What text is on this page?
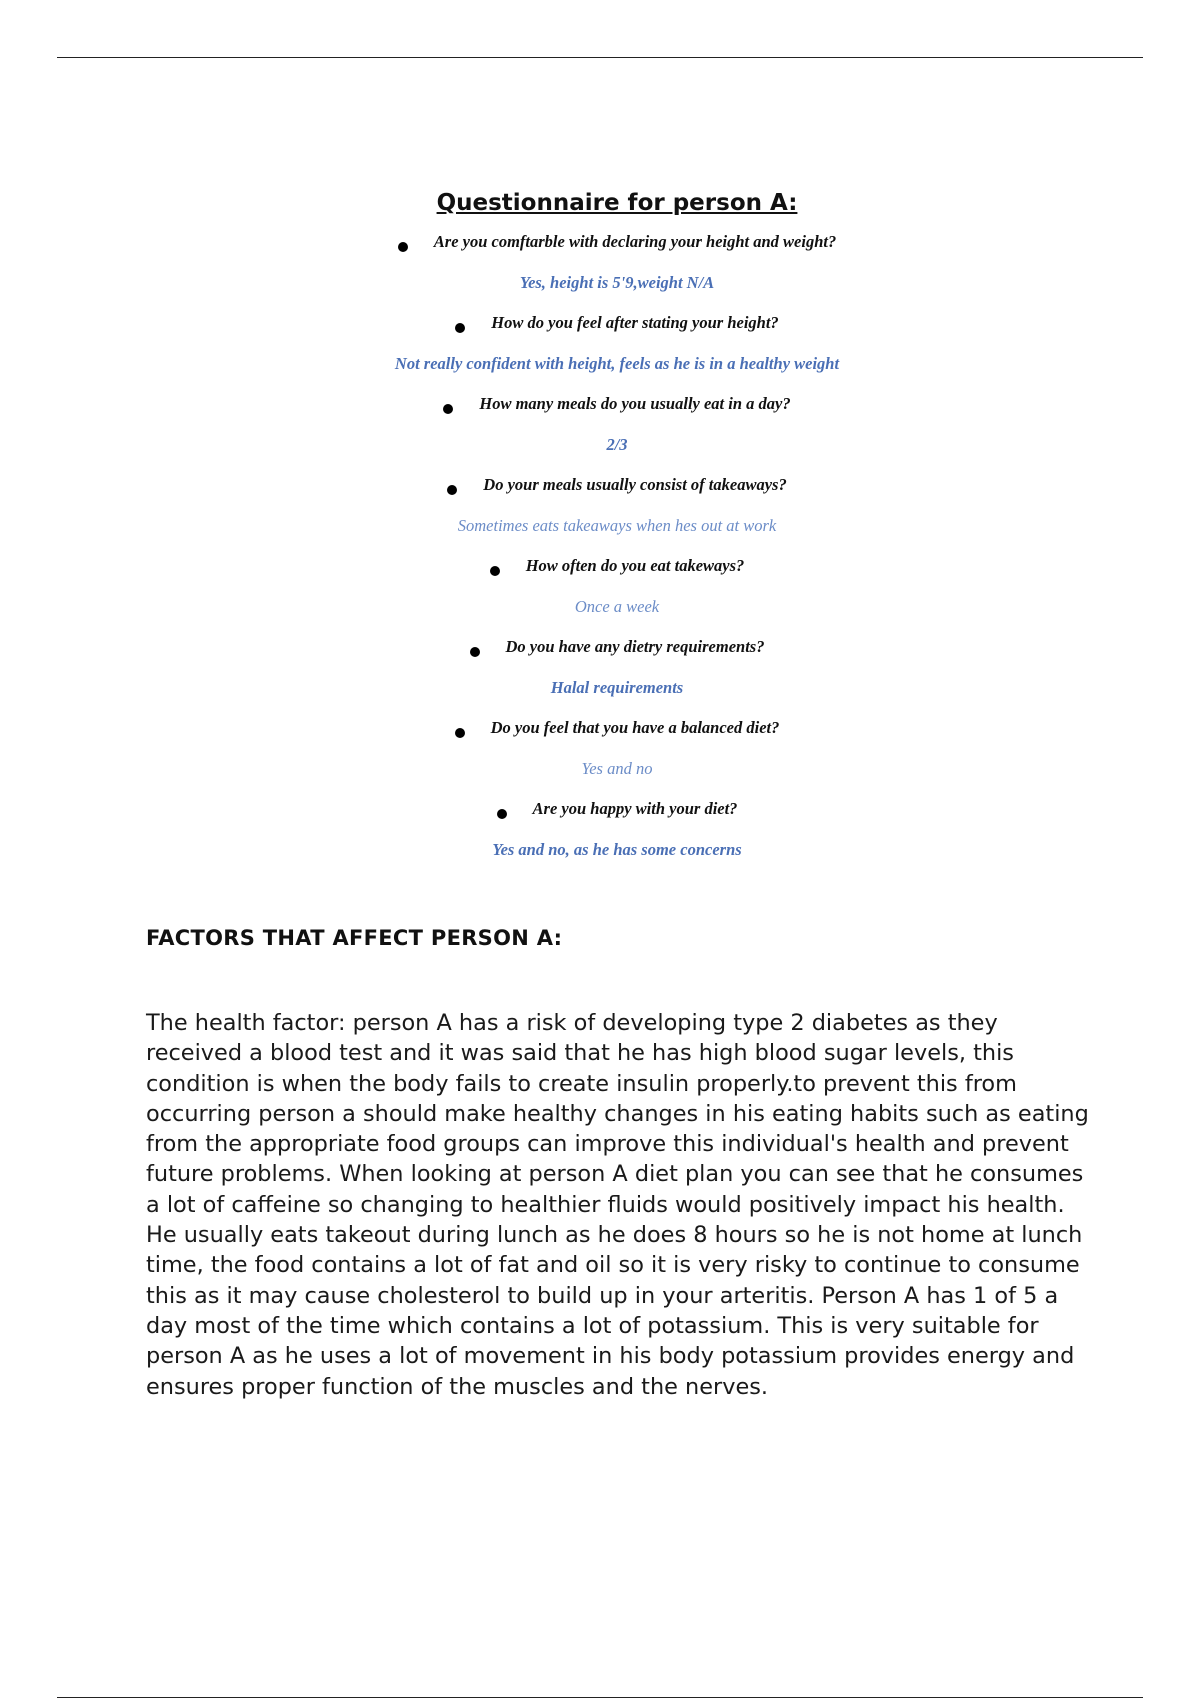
Questionnaire for person A:
Are you comftarble with declaring your height and weight?
Yes, height is 5'9,weight N/A
How do you feel after stating your height?
Not really confident with height, feels as he is in a healthy weight
How many meals do you usually eat in a day?
2/3
Do your meals usually consist of takeaways?
Sometimes eats takeaways when hes out at work
How often do you eat takeways?
Once a week
Do you have any dietry requirements?
Halal requirements
Do you feel that you have a balanced diet?
Yes and no
Are you happy with your diet?
Yes and no, as he has some concerns
FACTORS THAT AFFECT PERSON A:

The health factor: person A has a risk of developing type 2 diabetes as they received a blood test and it was said that he has high blood sugar levels, this condition is when the body fails to create insulin properly.to prevent this from occurring person a should make healthy changes in his eating habits such as eating from the appropriate food groups can improve this individual's health and prevent future problems. When looking at person A diet plan you can see that he consumes a lot of caffeine so changing to healthier fluids would positively impact his health. He usually eats takeout during lunch as he does 8 hours so he is not home at lunch time, the food contains a lot of fat and oil so it is very risky to continue to consume this as it may cause cholesterol to build up in your arteritis. Person A has 1 of 5 a day most of the time which contains a lot of potassium. This is very suitable for person A as he uses a lot of movement in his body potassium provides energy and ensures proper function of the muscles and the nerves.
